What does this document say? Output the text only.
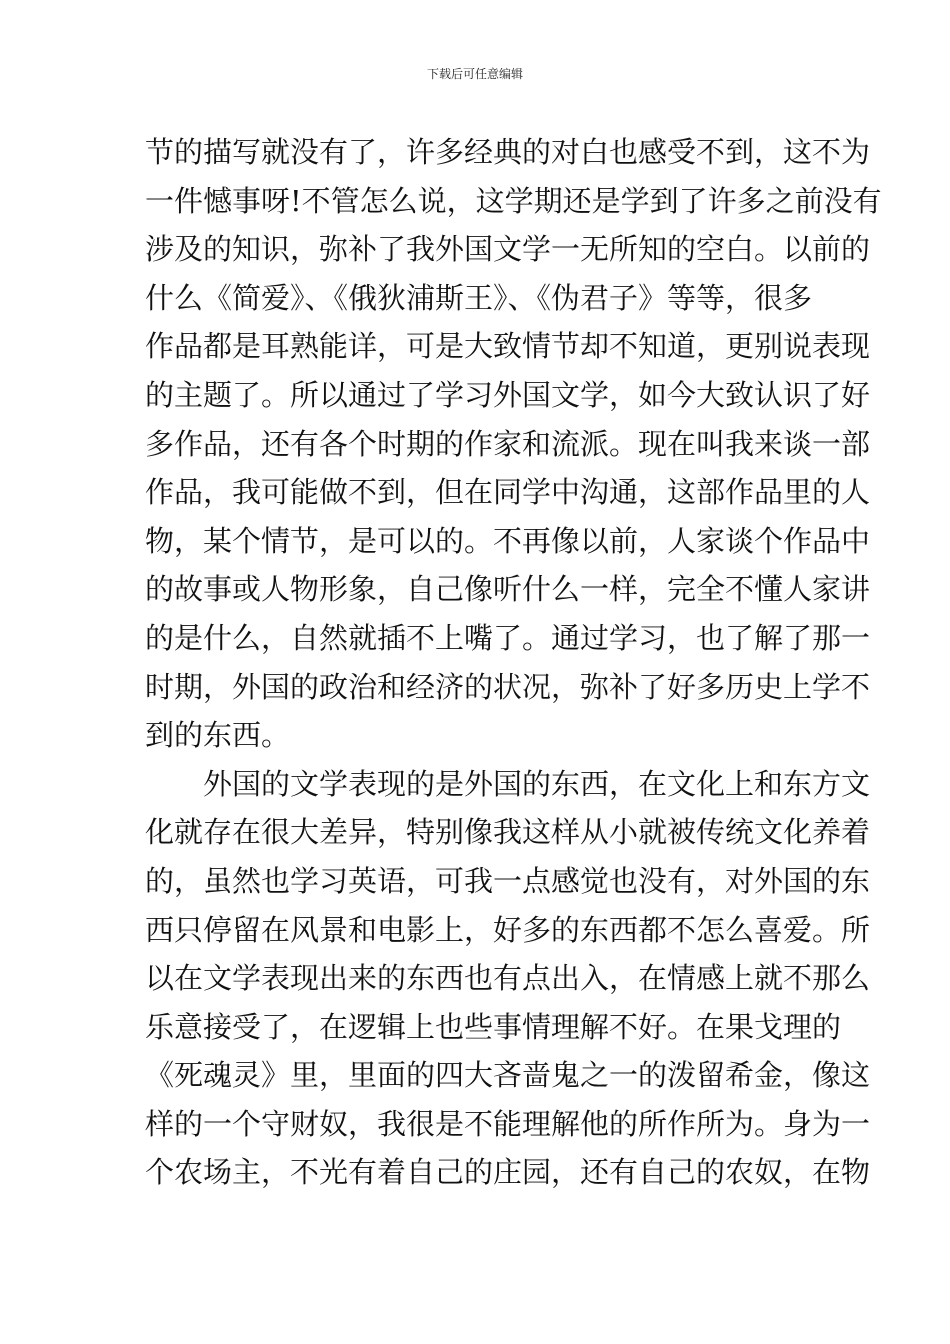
下载后可任意编辑
节的描写就没有了，许多经典的对白也感受不到，这不为
一件憾事呀!不管怎么说，这学期还是学到了许多之前没有
涉及的知识，弥补了我外国文学一无所知的空白。以前的
什么《简爱》、《俄狄浦斯王》、《伪君子》等等，很多
作品都是耳熟能详，可是大致情节却不知道，更别说表现
的主题了。所以通过了学习外国文学，如今大致认识了好
多作品，还有各个时期的作家和流派。现在叫我来谈一部
作品，我可能做不到，但在同学中沟通，这部作品里的人
物，某个情节，是可以的。不再像以前，人家谈个作品中
的故事或人物形象，自己像听什么一样，完全不懂人家讲
的是什么，自然就插不上嘴了。通过学习，也了解了那一
时期，外国的政治和经济的状况，弥补了好多历史上学不
到的东西。
外国的文学表现的是外国的东西，在文化上和东方文
化就存在很大差异，特别像我这样从小就被传统文化养着
的，虽然也学习英语，可我一点感觉也没有，对外国的东
西只停留在风景和电影上，好多的东西都不怎么喜爱。所
以在文学表现出来的东西也有点出入，在情感上就不那么
乐意接受了，在逻辑上也些事情理解不好。在果戈理的
《死魂灵》里，里面的四大吝啬鬼之一的泼留希金，像这
样的一个守财奴，我很是不能理解他的所作所为。身为一
个农场主，不光有着自己的庄园，还有自己的农奴，在物
